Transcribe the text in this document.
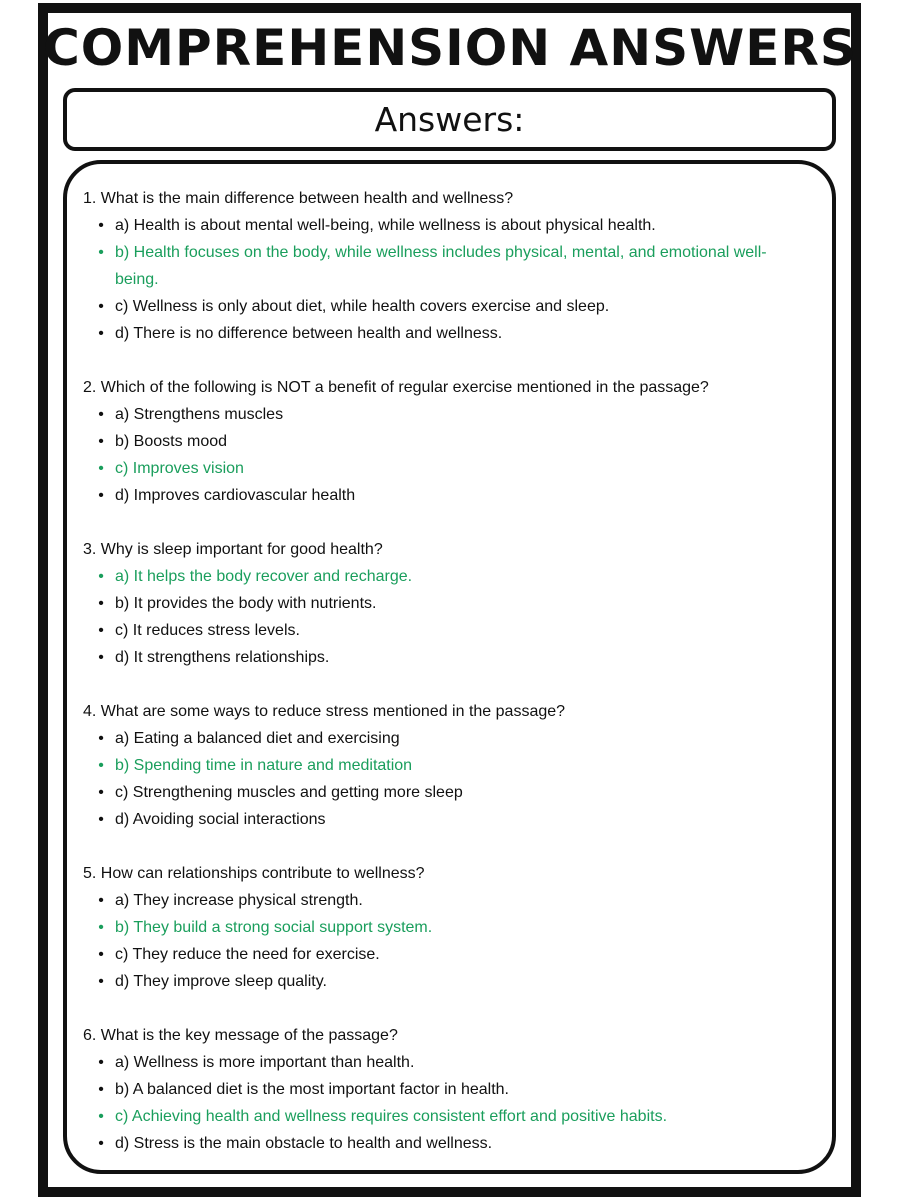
COMPREHENSION ANSWERS
Answers:
1. What is the main difference between health and wellness?
• a) Health is about mental well-being, while wellness is about physical health.
• b) Health focuses on the body, while wellness includes physical, mental, and emotional well-being.
• c) Wellness is only about diet, while health covers exercise and sleep.
• d) There is no difference between health and wellness.
2. Which of the following is NOT a benefit of regular exercise mentioned in the passage?
• a) Strengthens muscles
• b) Boosts mood
• c) Improves vision
• d) Improves cardiovascular health
3. Why is sleep important for good health?
• a) It helps the body recover and recharge.
• b) It provides the body with nutrients.
• c) It reduces stress levels.
• d) It strengthens relationships.
4. What are some ways to reduce stress mentioned in the passage?
• a) Eating a balanced diet and exercising
• b) Spending time in nature and meditation
• c) Strengthening muscles and getting more sleep
• d) Avoiding social interactions
5. How can relationships contribute to wellness?
• a) They increase physical strength.
• b) They build a strong social support system.
• c) They reduce the need for exercise.
• d) They improve sleep quality.
6. What is the key message of the passage?
• a) Wellness is more important than health.
• b) A balanced diet is the most important factor in health.
• c) Achieving health and wellness requires consistent effort and positive habits.
• d) Stress is the main obstacle to health and wellness.
